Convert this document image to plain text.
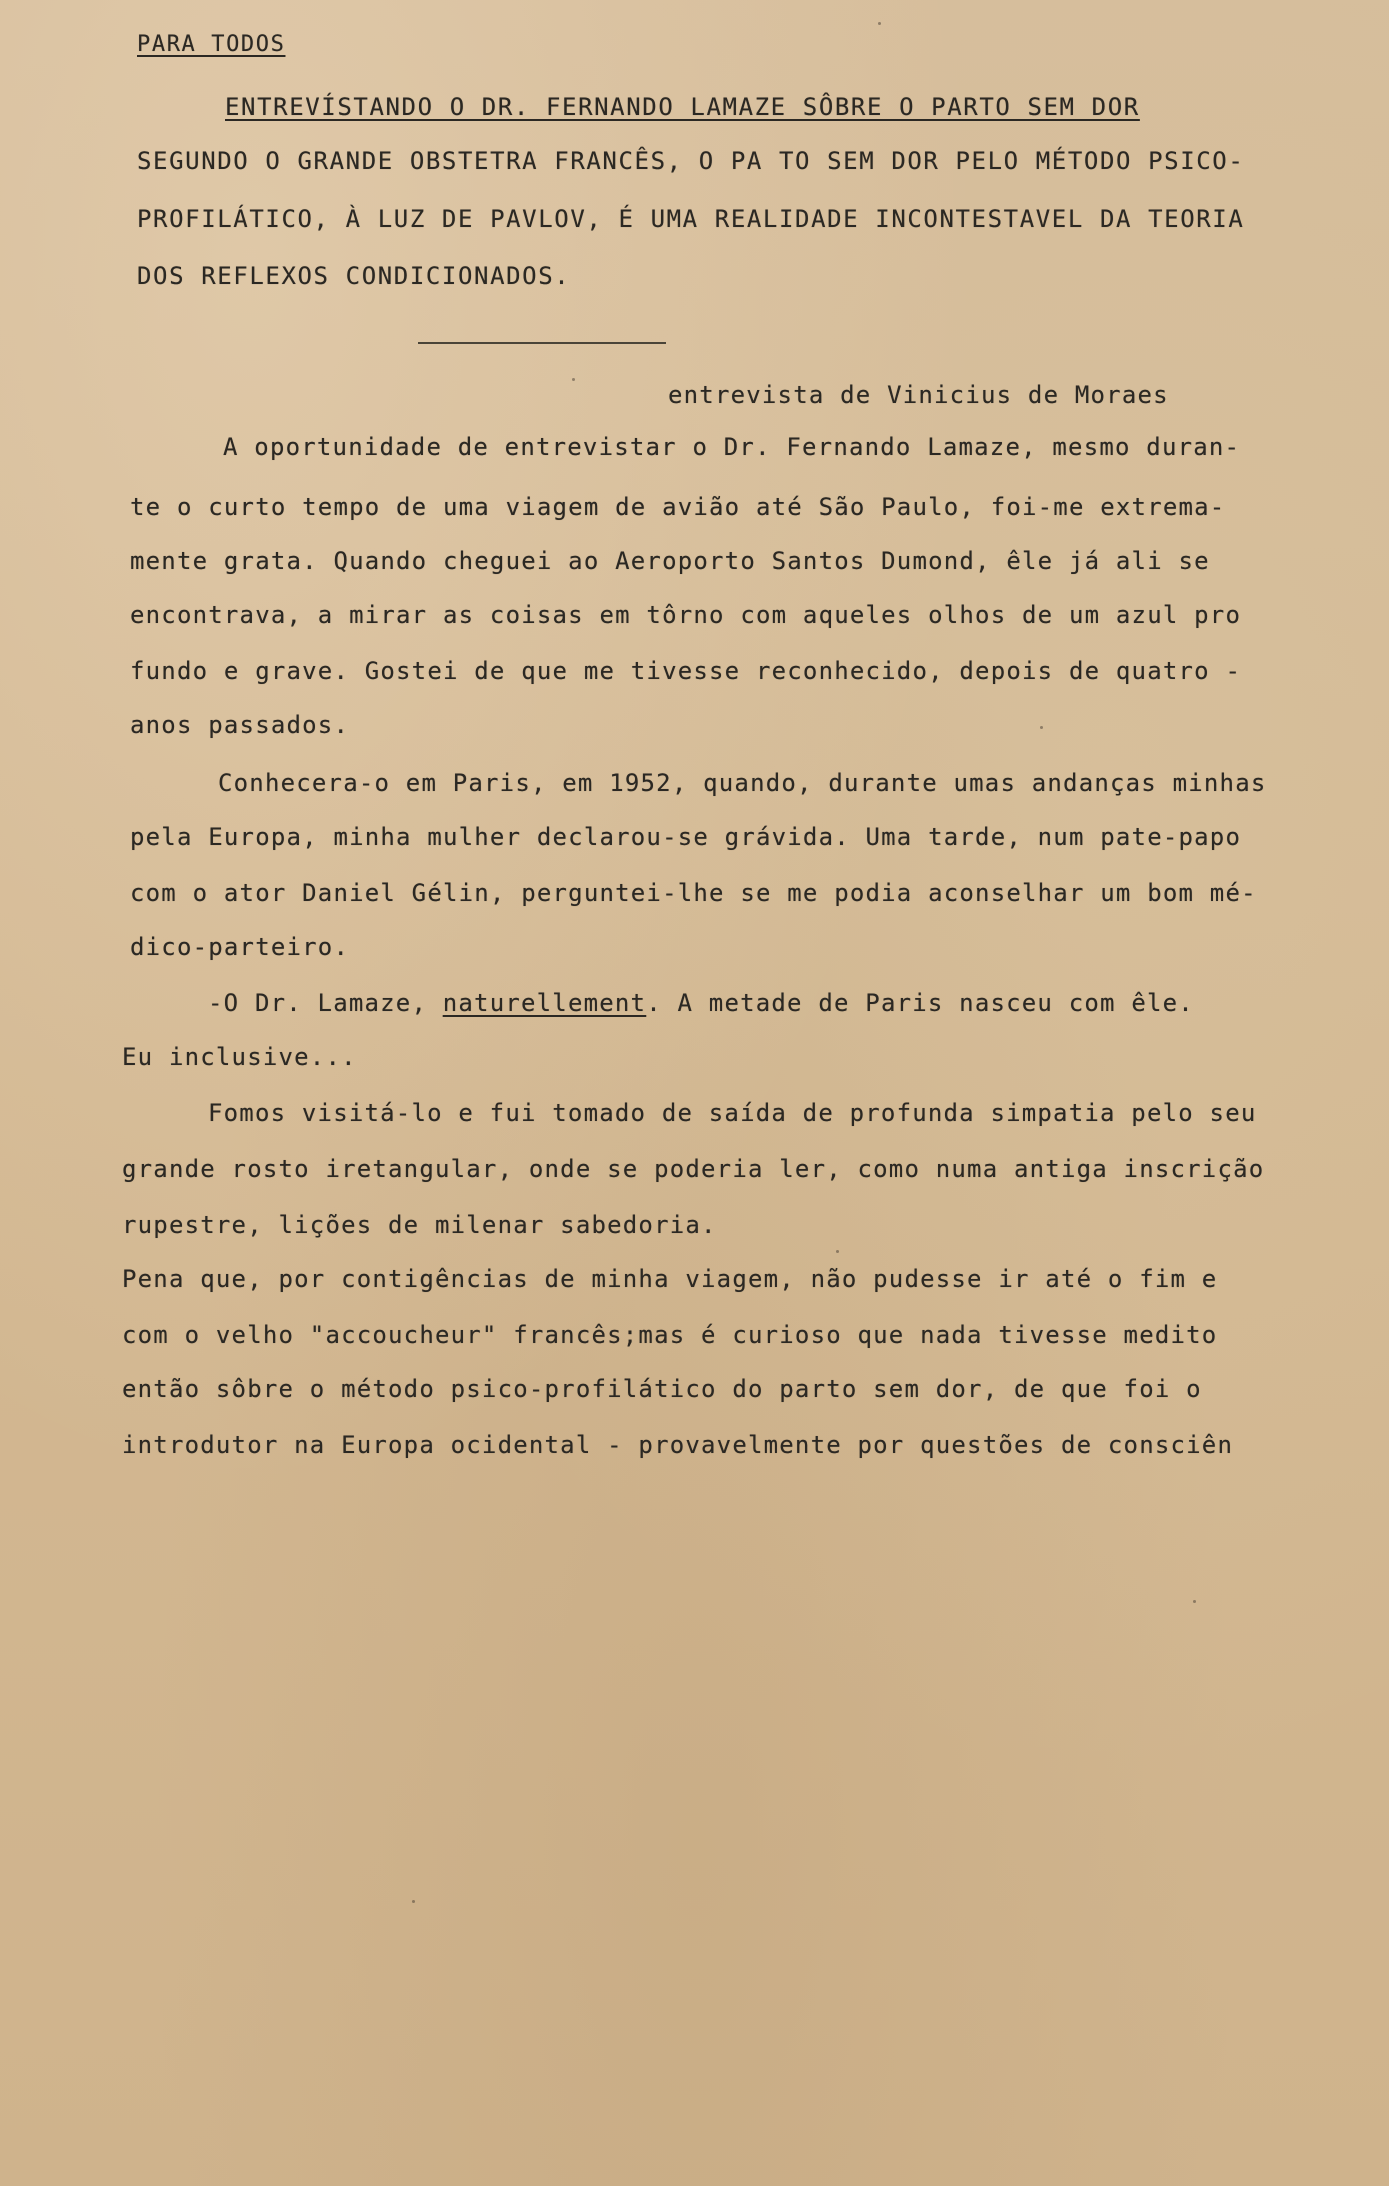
PARA TODOS
ENTREVÍSTANDO O DR. FERNANDO LAMAZE SÔBRE O PARTO SEM DOR
SEGUNDO O GRANDE OBSTETRA FRANCÊS, O PA TO SEM DOR PELO MÉTODO PSICO-
PROFILÁTICO, À LUZ DE PAVLOV, É UMA REALIDADE INCONTESTAVEL DA TEORIA
DOS REFLEXOS CONDICIONADOS.
entrevista de Vinicius de Moraes
A oportunidade de entrevistar o Dr. Fernando Lamaze, mesmo duran-
te o curto tempo de uma viagem de avião até São Paulo, foi-me extrema-
mente grata. Quando cheguei ao Aeroporto Santos Dumond, êle já ali se
encontrava, a mirar as coisas em tôrno com aqueles olhos de um azul pro
fundo e grave. Gostei de que me tivesse reconhecido, depois de quatro -
anos passados.
Conhecera-o em Paris, em 1952, quando, durante umas andanças minhas
pela Europa, minha mulher declarou-se grávida. Uma tarde, num pate-papo
com o ator Daniel Gélin, perguntei-lhe se me podia aconselhar um bom mé-
dico-parteiro.
-O Dr. Lamaze, naturellement. A metade de Paris nasceu com êle.
Eu inclusive...
Fomos visitá-lo e fui tomado de saída de profunda simpatia pelo seu
grande rosto iretangular, onde se poderia ler, como numa antiga inscrição
rupestre, lições de milenar sabedoria.
Pena que, por contigências de minha viagem, não pudesse ir até o fim e
com o velho "accoucheur" francês;mas é curioso que nada tivesse medito
então sôbre o método psico-profilático do parto sem dor, de que foi o
introdutor na Europa ocidental - provavelmente por questões de consciên
